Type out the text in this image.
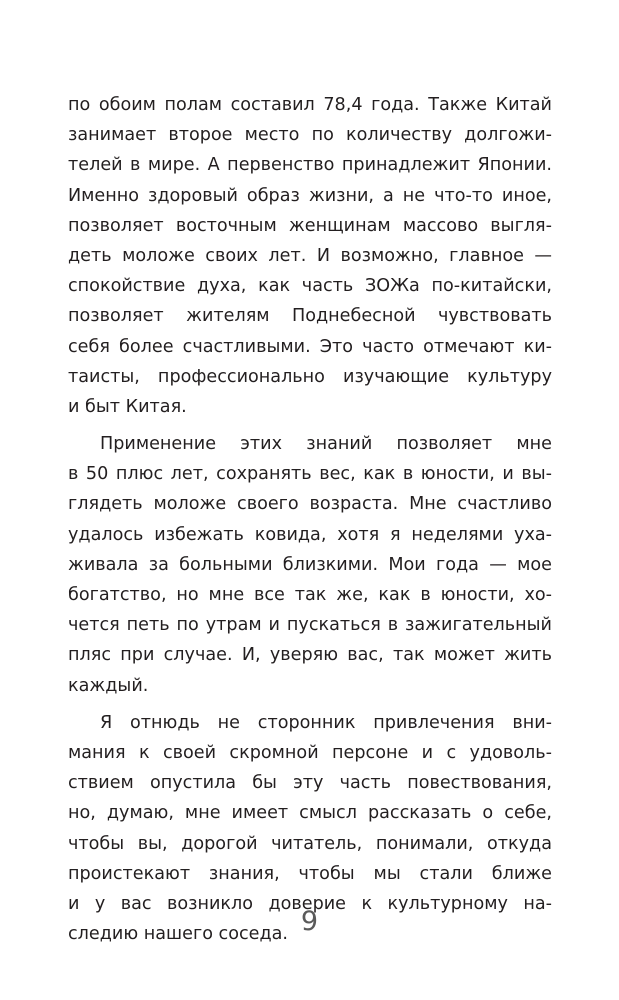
по обоим полам составил 78,4 года. Также Китай
занимает второе место по количеству долгожи-
телей в мире. А первенство принадлежит Японии.
Именно здоровый образ жизни, а не что-то иное,
позволяет восточным женщинам массово выгля-
деть моложе своих лет. И возможно, главное —
спокойствие духа, как часть ЗОЖа по-китайски,
позволяет жителям Поднебесной чувствовать
себя более счастливыми. Это часто отмечают ки-
таисты, профессионально изучающие культуру
и быт Китая.
Применение этих знаний позволяет мне
в 50 плюс лет, сохранять вес, как в юности, и вы-
глядеть моложе своего возраста. Мне счастливо
удалось избежать ковида, хотя я неделями уха-
живала за больными близкими. Мои года — мое
богатство, но мне все так же, как в юности, хо-
чется петь по утрам и пускаться в зажигательный
пляс при случае. И, уверяю вас, так может жить
каждый.
Я отнюдь не сторонник привлечения вни-
мания к своей скромной персоне и с удоволь-
ствием опустила бы эту часть повествования,
но, думаю, мне имеет смысл рассказать о себе,
чтобы вы, дорогой читатель, понимали, откуда
проистекают знания, чтобы мы стали ближе
и у вас возникло доверие к культурному на-
следию нашего соседа. 9
